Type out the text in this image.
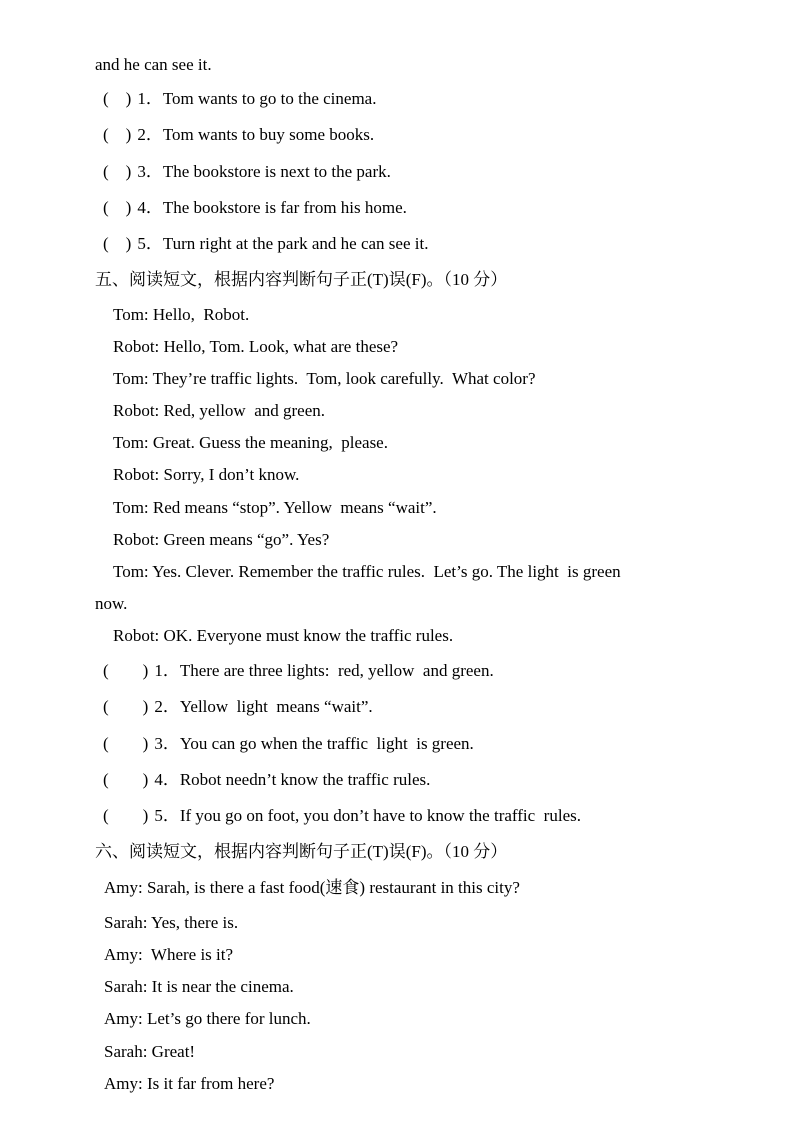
and he can see it.
(    ) 1．Tom wants to go to the cinema.
(    ) 2．Tom wants to buy some books.
(    ) 3．The bookstore is next to the park.
(    ) 4．The bookstore is far from his home.
(    ) 5．Turn right at the park and he can see it.
五、阅读短文，根据内容判断句子正(T)误(F)。（10 分）
Tom: Hello,  Robot.
Robot: Hello, Tom. Look, what are these?
Tom: They’re traffic lights.  Tom, look carefully.  What color?
Robot: Red, yellow  and green.
Tom: Great. Guess the meaning,  please.
Robot: Sorry, I don’t know.
Tom: Red means “stop”. Yellow  means “wait”.
Robot: Green means “go”. Yes?
Tom: Yes. Clever. Remember the traffic rules.  Let’s go. The light  is green
now.
Robot: OK. Everyone must know the traffic rules.
(        ) 1．There are three lights:  red, yellow  and green.
(        ) 2．Yellow  light  means “wait”.
(        ) 3．You can go when the traffic  light  is green.
(        ) 4．Robot needn’t know the traffic rules.
(        ) 5．If you go on foot, you don’t have to know the traffic  rules.
六、阅读短文，根据内容判断句子正(T)误(F)。（10 分）
Amy: Sarah, is there a fast food(速食) restaurant in this city?
Sarah: Yes, there is.
Amy:  Where is it?
Sarah: It is near the cinema.
Amy: Let’s go there for lunch.
Sarah: Great!
Amy: Is it far from here?
